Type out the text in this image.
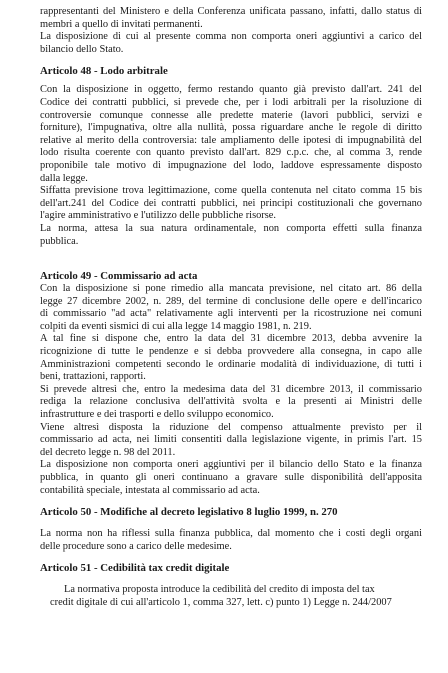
rappresentanti del Ministero e della Conferenza unificata passano, infatti, dallo status di
membri a quello di invitati permanenti.
La disposizione di cui al presente comma non comporta oneri aggiuntivi a carico del
bilancio dello Stato.
Articolo 48 - Lodo arbitrale
Con la disposizione in oggetto, fermo restando quanto già previsto dall'art. 241 del
Codice dei contratti pubblici, si prevede che, per i lodi arbitrali per la risoluzione di
controversie comunque connesse alle predette materie (lavori pubblici, servizi e
forniture), l'impugnativa, oltre alla nullità, possa riguardare anche le regole di diritto
relative al merito della controversia: tale ampliamento delle ipotesi di impugnabilità del
lodo risulta coerente con quanto previsto dall'art. 829 c.p.c. che, al comma 3, rende
proponibile tale motivo di impugnazione del lodo, laddove espressamente disposto
dalla legge.
Siffatta previsione trova legittimazione, come quella contenuta nel citato comma 15 bis
dell'art.241 del Codice dei contratti pubblici, nei principi costituzionali che governano
l'agire amministrativo e l'utilizzo delle pubbliche risorse.
La norma, attesa la sua natura ordinamentale, non comporta effetti sulla finanza
pubblica.
Articolo 49 - Commissario ad acta
Con la disposizione si pone rimedio alla mancata previsione, nel citato art. 86 della
legge 27 dicembre 2002, n. 289, del termine di conclusione delle opere e dell'incarico
di commissario "ad acta" relativamente agli interventi per la ricostruzione nei comuni
colpiti da eventi sismici di cui alla legge 14 maggio 1981, n. 219.
A tal fine si dispone che, entro la data del 31 dicembre 2013, debba avvenire la
ricognizione di tutte le pendenze e si debba provvedere alla consegna, in capo alle
Amministrazioni competenti secondo le ordinarie modalità di individuazione, di tutti i
beni, trattazioni, rapporti.
Si prevede altresì che, entro la medesima data del 31 dicembre 2013, il commissario
rediga la relazione conclusiva dell'attività svolta e la presenti ai Ministri delle
infrastrutture e dei trasporti e dello sviluppo economico.
Viene altresì disposta la riduzione del compenso attualmente previsto per il
commissario ad acta, nei limiti consentiti dalla legislazione vigente, in primis l'art. 15
del decreto legge n. 98 del 2011.
La disposizione non comporta oneri aggiuntivi per il bilancio dello Stato e la finanza
pubblica, in quanto gli oneri continuano a gravare sulle disponibilità dell'apposita
contabilità speciale, intestata al commissario ad acta.
Articolo 50 - Modifiche al decreto legislativo 8 luglio 1999, n. 270
La norma non ha riflessi sulla finanza pubblica, dal momento che i costi degli organi
delle procedure sono a carico delle medesime.
Articolo 51 - Cedibilità tax credit digitale
La normativa proposta introduce la cedibilità del credito di imposta del tax
credit digitale di cui all'articolo 1, comma 327, lett. c) punto 1) Legge n. 244/2007
